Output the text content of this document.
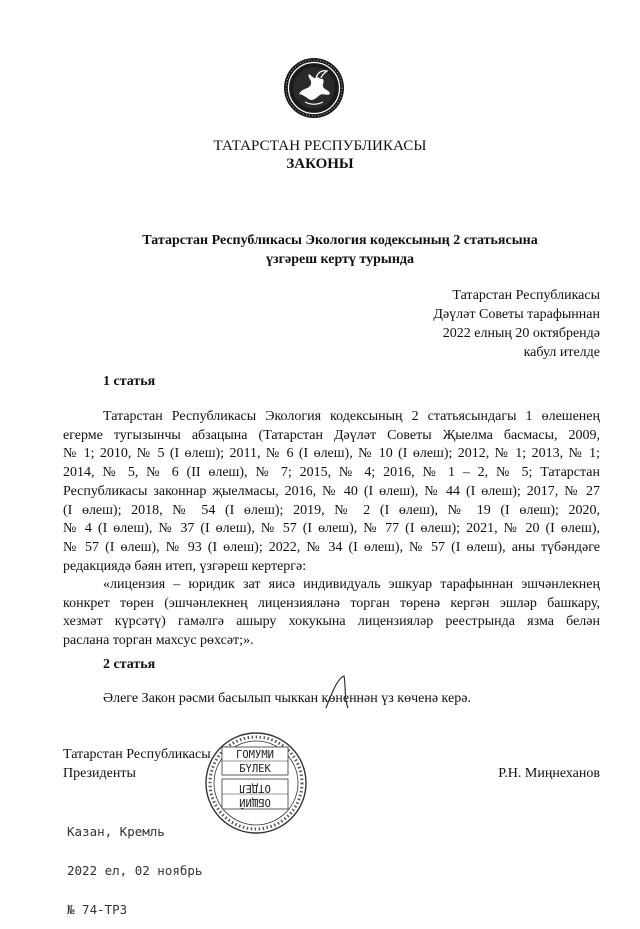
ТАТАРСТАН РЕСПУБЛИКАСЫ
ЗАКОНЫ
Татарстан Республикасы Экология кодексының 2 статьясына
үзгәреш кертү турында
Татарстан Республикасы
Дәүләт Советы тарафыннан
2022 елның 20 октябрендә
кабул ителде
1 статья
Татарстан Республикасы Экология кодексының 2 статьясындагы 1 өлешенең
егерме тугызынчы абзацына (Татарстан Дәүләт Советы Җыелма басмасы, 2009,
№ 1; 2010, № 5 (I өлеш); 2011, № 6 (I өлеш), № 10 (I өлеш); 2012, № 1; 2013, № 1;
2014, № 5, № 6 (II өлеш), № 7; 2015, № 4; 2016, № 1 – 2, № 5; Татарстан
Республикасы законнар җыелмасы, 2016, № 40 (I өлеш), № 44 (I өлеш); 2017, № 27
(I өлеш); 2018, № 54 (I өлеш); 2019, № 2 (I өлеш), № 19 (I өлеш); 2020,
№ 4 (I өлеш), № 37 (I өлеш), № 57 (I өлеш), № 77 (I өлеш); 2021, № 20 (I өлеш),
№ 57 (I өлеш), № 93 (I өлеш); 2022, № 34 (I өлеш), № 57 (I өлеш), аны түбәндәге
редакциядә бәян итеп, үзгәреш кертергә:
«лицензия – юридик зат яисә индивидуаль эшкуар тарафыннан эшчәнлекнең
конкрет төрен (эшчәнлекнең лицензияләнә торган төренә кергән эшләр башкару,
хезмәт күрсәтү) гамәлгә ашыру хокукына лицензияләр реестрында язма белән
раслана торган махсус рөхсәт;».
2 статья
Әлеге Закон рәсми басылып чыккан көненнән үз көченә керә.
Татарстан Республикасы
Президенты	Р.Н. Миңнеханов
ГОМУМИ
БҮЛЕК
ОБЩИЙ
ОТДЕЛ

Казан, Кремль

2022 ел, 02 ноябрь

№ 74-ТРЗ
